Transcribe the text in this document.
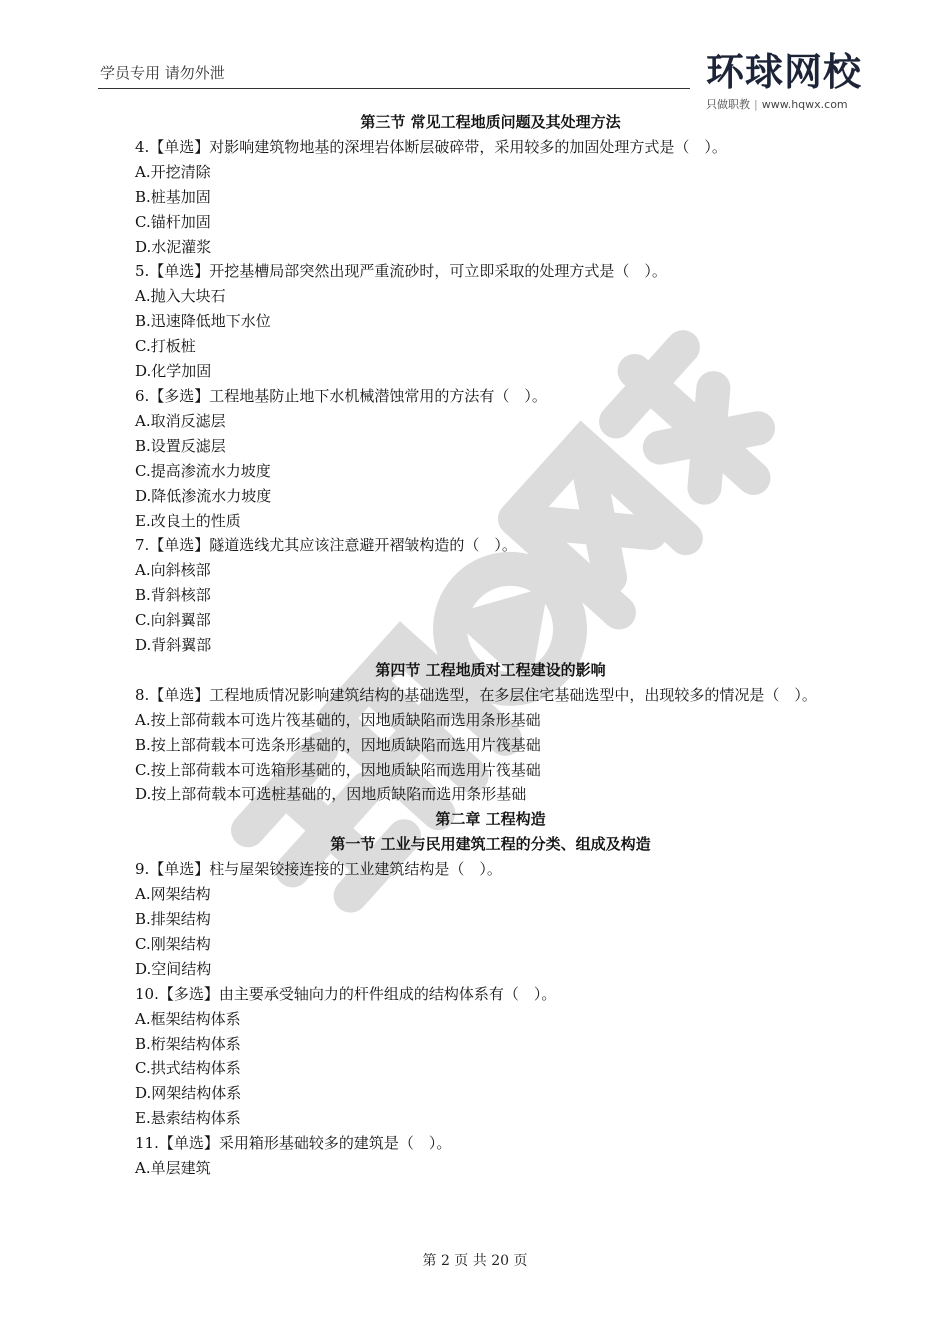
学员专用 请勿外泄	环球网校
只做职教 | www.hqwx.com
第三节 常见工程地质问题及其处理方法
4.【单选】对影响建筑物地基的深埋岩体断层破碎带，采用较多的加固处理方式是（　）。
A.开挖清除
B.桩基加固
C.锚杆加固
D.水泥灌浆
5.【单选】开挖基槽局部突然出现严重流砂时，可立即采取的处理方式是（　）。
A.抛入大块石
B.迅速降低地下水位
C.打板桩
D.化学加固
6.【多选】工程地基防止地下水机械潜蚀常用的方法有（　）。
A.取消反滤层
B.设置反滤层
C.提高渗流水力坡度
D.降低渗流水力坡度
E.改良土的性质
7.【单选】隧道选线尤其应该注意避开褶皱构造的（　）。
A.向斜核部
B.背斜核部
C.向斜翼部
D.背斜翼部
第四节 工程地质对工程建设的影响
8.【单选】工程地质情况影响建筑结构的基础选型，在多层住宅基础选型中，出现较多的情况是（　）。
A.按上部荷载本可选片筏基础的，因地质缺陷而选用条形基础
B.按上部荷载本可选条形基础的，因地质缺陷而选用片筏基础
C.按上部荷载本可选箱形基础的，因地质缺陷而选用片筏基础
D.按上部荷载本可选桩基础的，因地质缺陷而选用条形基础
第二章 工程构造
第一节 工业与民用建筑工程的分类、组成及构造
9.【单选】柱与屋架铰接连接的工业建筑结构是（　）。
A.网架结构
B.排架结构
C.刚架结构
D.空间结构
10.【多选】由主要承受轴向力的杆件组成的结构体系有（　）。
A.框架结构体系
B.桁架结构体系
C.拱式结构体系
D.网架结构体系
E.悬索结构体系
11.【单选】采用箱形基础较多的建筑是（　）。
A.单层建筑
第 2 页 共 20 页
